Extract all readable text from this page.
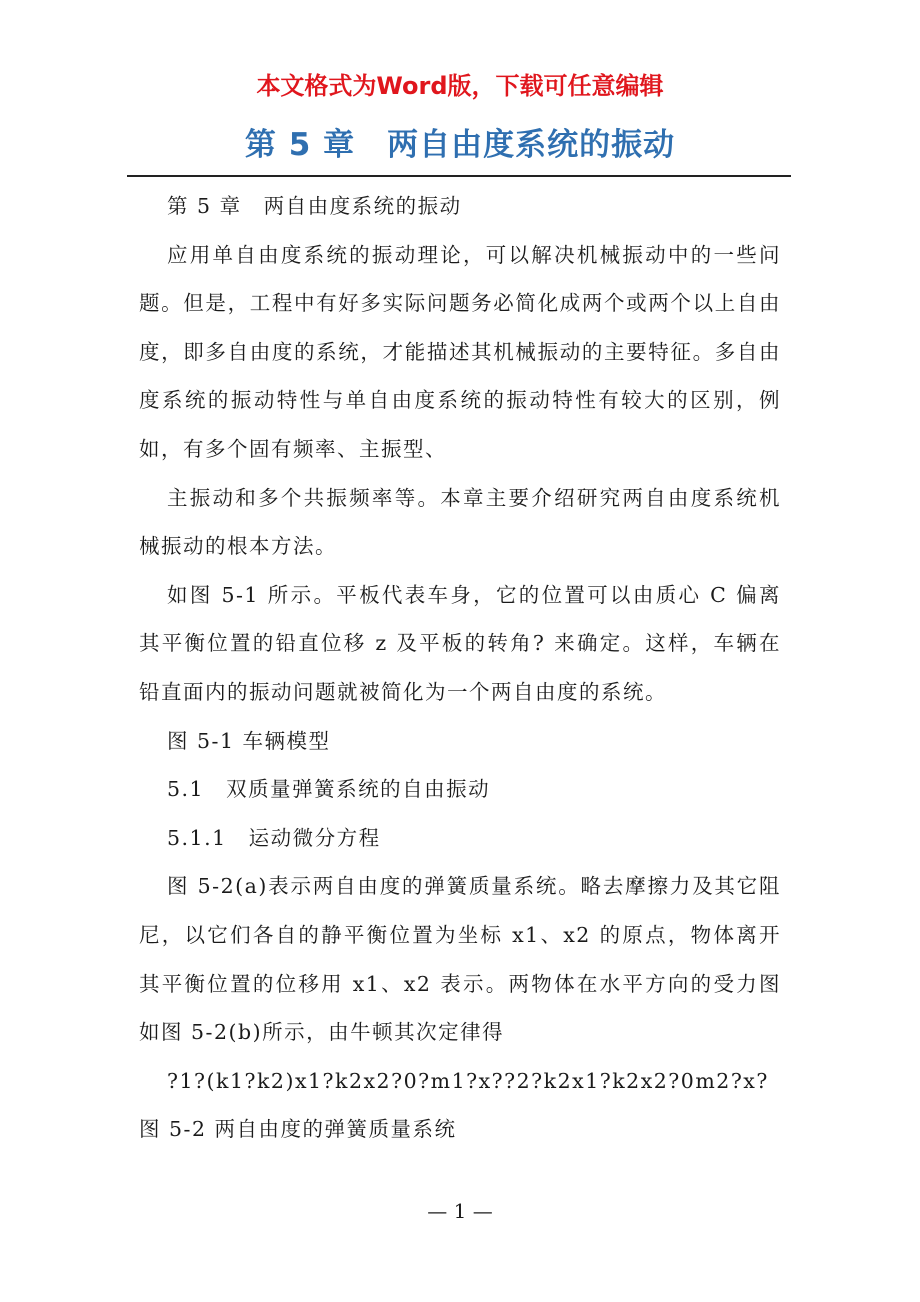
本文格式为Word版，下载可任意编辑
第 5 章　两自由度系统的振动

第 5 章　两自由度系统的振动

应用单自由度系统的振动理论，可以解决机械振动中的一些问题。但是，工程中有好多实际问题务必简化成两个或两个以上自由度，即多自由度的系统，才能描述其机械振动的主要特征。多自由度系统的振动特性与单自由度系统的振动特性有较大的区别，例如，有多个固有频率、主振型、

主振动和多个共振频率等。本章主要介绍研究两自由度系统机械振动的根本方法。

如图 5-1 所示。平板代表车身，它的位置可以由质心 C 偏离其平衡位置的铅直位移 z 及平板的转角? 来确定。这样，车辆在铅直面内的振动问题就被简化为一个两自由度的系统。

图 5-1 车辆模型

5.1　双质量弹簧系统的自由振动

5.1.1　运动微分方程

图 5-2(a)表示两自由度的弹簧质量系统。略去摩擦力及其它阻尼，以它们各自的静平衡位置为坐标 x1、x2 的原点，物体离开其平衡位置的位移用 x1、x2 表示。两物体在水平方向的受力图如图 5-2(b)所示，由牛顿其次定律得

?1?(k1?k2)x1?k2x2?0?m1?x??2?k2x1?k2x2?0m2?x?图 5-2 两自由度的弹簧质量系统

— 1 —
